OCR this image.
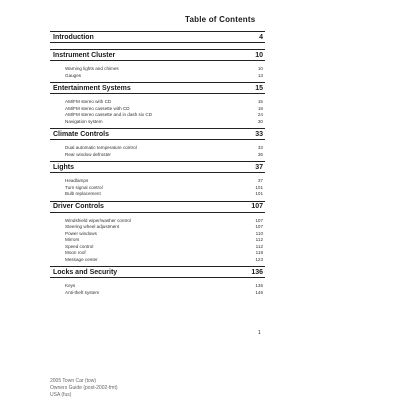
Table of Contents
Introduction	4
Instrument Cluster	10
Warning lights and chimes	10
Gauges	13
Entertainment Systems	15
AM/FM stereo with CD	15
AM/FM stereo cassette with CD	18
AM/FM stereo cassette and in dash six CD	24
Navigation system	30
Climate Controls	33
Dual automatic temperature control	33
Rear window defroster	36
Lights	37
Headlamps	37
Turn signal control	101
Bulb replacement	101
Driver Controls	107
Windshield wiper/washer control	107
Steering wheel adjustment	107
Power windows	110
Mirrors	112
Speed control	112
Moon roof	118
Message center	123
Locks and Security	136
Keys	136
Anti-theft system	146
1
2005 Town Car (tow)
Owners Guide (post-2002-fmt)
USA (fus)
